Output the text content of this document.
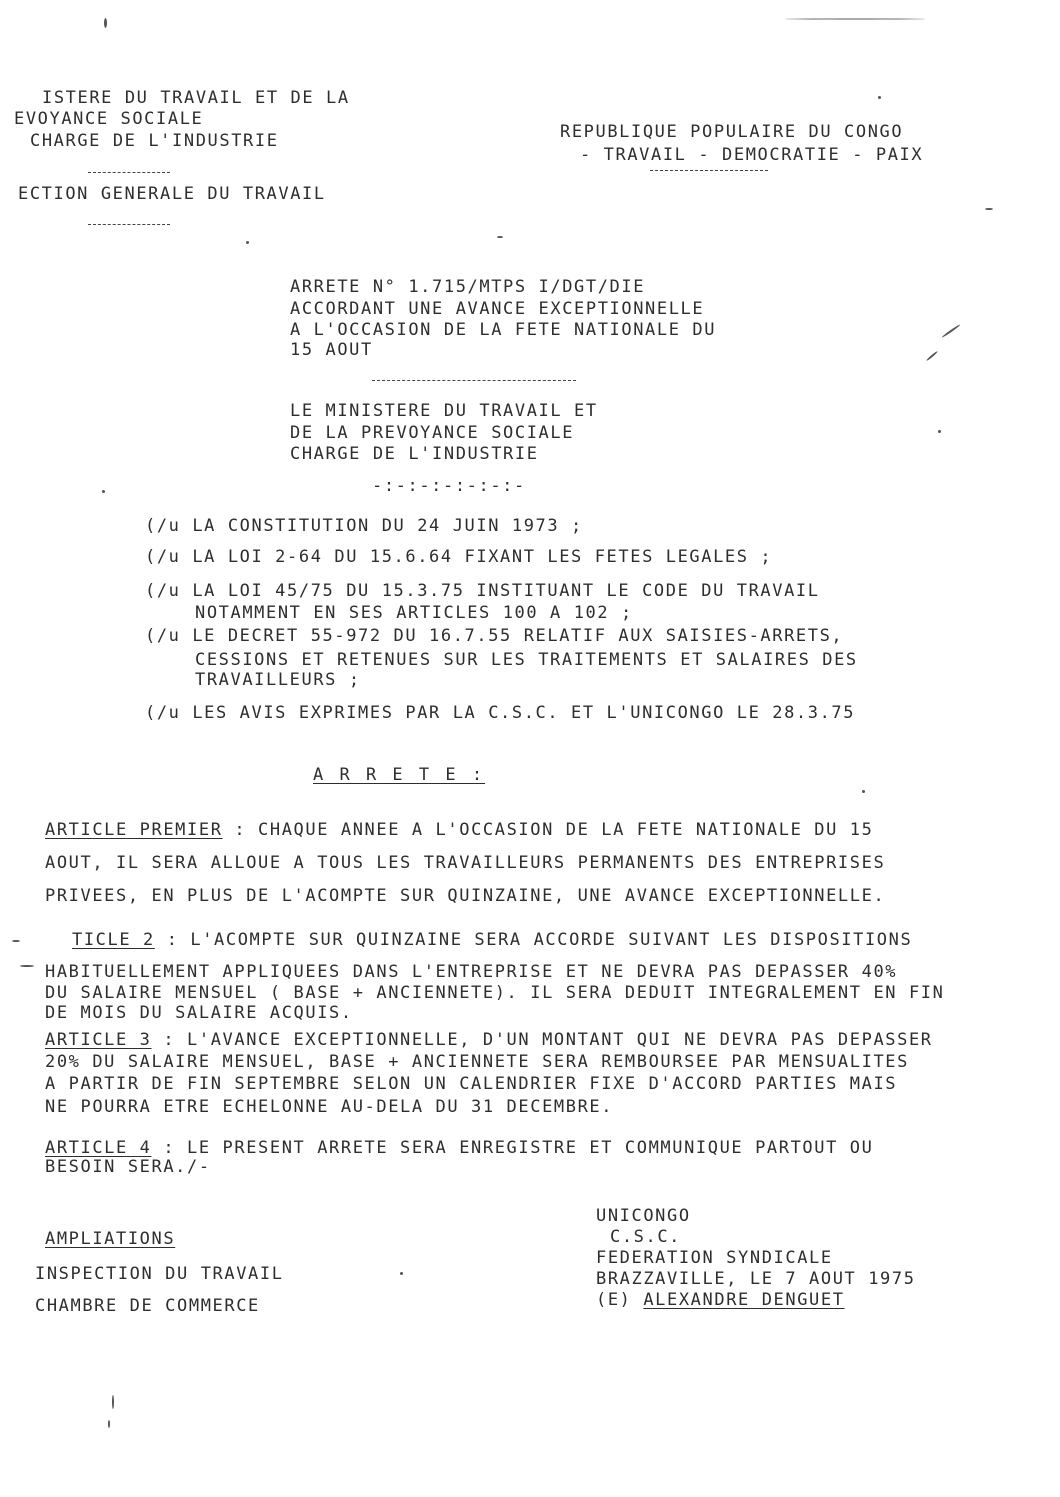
ISTERE DU TRAVAIL ET DE LA
EVOYANCE SOCIALE
CHARGE DE L'INDUSTRIE
ECTION GENERALE DU TRAVAIL
REPUBLIQUE POPULAIRE DU CONGO
- TRAVAIL - DEMOCRATIE - PAIX
ARRETE N° 1.715/MTPS I/DGT/DIE
ACCORDANT UNE AVANCE EXCEPTIONNELLE
A L'OCCASION DE LA FETE NATIONALE DU
15 AOUT
LE MINISTERE DU TRAVAIL ET
DE LA PREVOYANCE SOCIALE
CHARGE DE L'INDUSTRIE
-:-:-:-:-:-:-
(/u LA CONSTITUTION DU 24 JUIN 1973 ;
(/u LA LOI 2-64 DU 15.6.64 FIXANT LES FETES LEGALES ;
(/u LA LOI 45/75 DU 15.3.75 INSTITUANT LE CODE DU TRAVAIL
NOTAMMENT EN SES ARTICLES 100 A 102 ;
(/u LE DECRET 55-972 DU 16.7.55 RELATIF AUX SAISIES-ARRETS,
CESSIONS ET RETENUES SUR LES TRAITEMENTS ET SALAIRES DES
TRAVAILLEURS ;
(/u LES AVIS EXPRIMES PAR LA C.S.C. ET L'UNICONGO LE 28.3.75
A R R E T E :
ARTICLE PREMIER : CHAQUE ANNEE A L'OCCASION DE LA FETE NATIONALE DU 15
AOUT, IL SERA ALLOUE A TOUS LES TRAVAILLEURS PERMANENTS DES ENTREPRISES
PRIVEES, EN PLUS DE L'ACOMPTE SUR QUINZAINE, UNE AVANCE EXCEPTIONNELLE.
TICLE 2 : L'ACOMPTE SUR QUINZAINE SERA ACCORDE SUIVANT LES DISPOSITIONS
HABITUELLEMENT APPLIQUEES DANS L'ENTREPRISE ET NE DEVRA PAS DEPASSER 40%
DU SALAIRE MENSUEL ( BASE + ANCIENNETE). IL SERA DEDUIT INTEGRALEMENT EN FIN
DE MOIS DU SALAIRE ACQUIS.
ARTICLE 3 : L'AVANCE EXCEPTIONNELLE, D'UN MONTANT QUI NE DEVRA PAS DEPASSER
20% DU SALAIRE MENSUEL, BASE + ANCIENNETE SERA REMBOURSEE PAR MENSUALITES
A PARTIR DE FIN SEPTEMBRE SELON UN CALENDRIER FIXE D'ACCORD PARTIES MAIS
NE POURRA ETRE ECHELONNE AU-DELA DU 31 DECEMBRE.
ARTICLE 4 : LE PRESENT ARRETE SERA ENREGISTRE ET COMMUNIQUE PARTOUT OU
BESOIN SERA./-
AMPLIATIONS
INSPECTION DU TRAVAIL
CHAMBRE DE COMMERCE
UNICONGO
C.S.C.
FEDERATION SYNDICALE
BRAZZAVILLE, LE 7 AOUT 1975
(E) ALEXANDRE DENGUET
